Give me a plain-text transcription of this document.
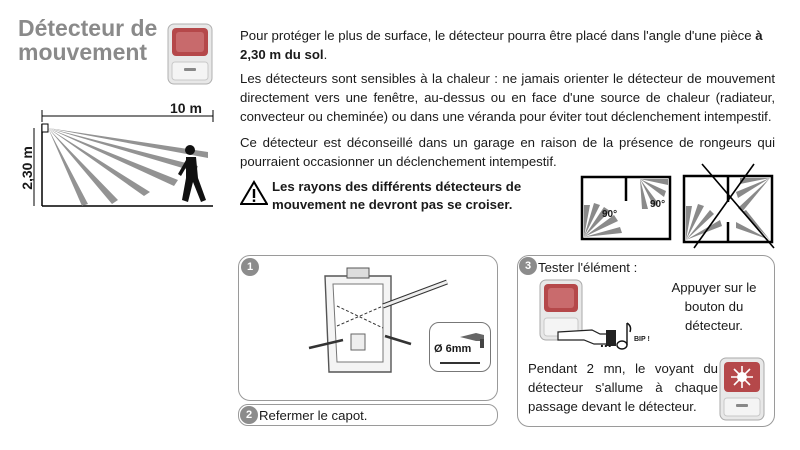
Détecteur de
mouvement
10 m
2,30 m
Pour protéger le plus de surface, le détecteur pourra être placé dans l'angle d'une pièce à 2,30 m du sol.
Les détecteurs sont sensibles à la chaleur : ne jamais orienter le détecteur de mouvement directement vers une fenêtre, au-dessus ou en face d'une source de chaleur (radiateur, convecteur ou cheminée) ou dans une véranda pour éviter tout déclenchement intempestif.
Ce détecteur est déconseillé dans un garage en raison de la présence de rongeurs qui pourraient occasionner un déclenchement intempestif.
Les rayons des différents détecteurs de mouvement ne devront pas se croiser.
90°
90°
1
Ø 6mm
2 Refermer le capot.
3 Tester l'élément :
...	BIP !
Appuyer sur le bouton du détecteur.
Pendant 2 mn, le voyant du détecteur s'allume à chaque passage devant le détecteur.
